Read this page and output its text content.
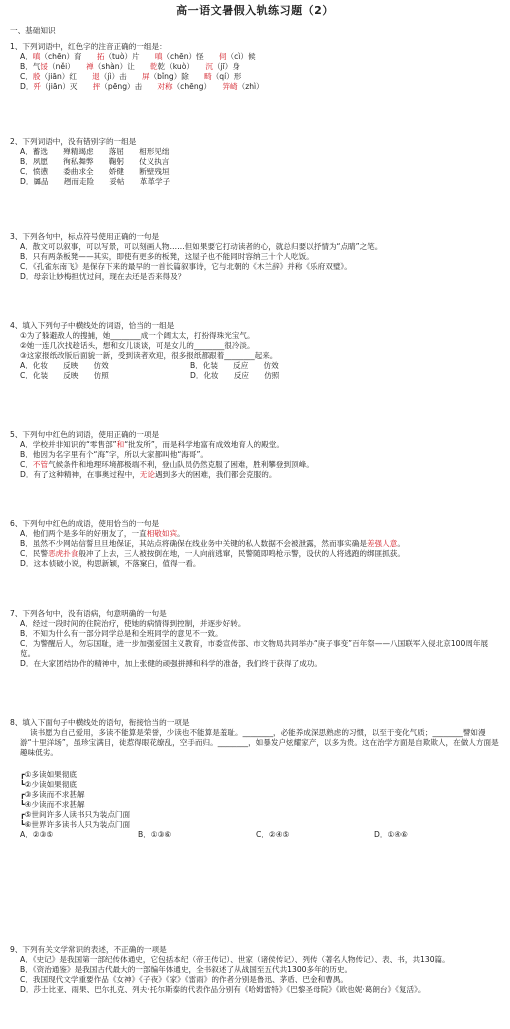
高一语文暑假入轨练习题（2）
一、基础知识
1、下列词语中，红色字的注音正确的一组是：
A．嗔（chēn）育　　拓（tuò）片　　嗔（chēn）怪　　伺（cì）候
B．气馁（něi）　　禅（shàn）让　　乾乾（kuò）　　沉（jī）身
C．殷（jiān）红　　退（jì）击　　屏（bǐng）除　　畸（qí）形
D．歼（jiān）灭　　抨（pēng）击　　对称（chēng）　　笄崎（zhì）
2、下列词语中，没有错别字的一组是
A．蓄选　　殚精竭虑　　落屈　　相形见绌
B．夙愿　　徇私舞弊　　鞠躬　　仗义执言
C．愤懑　　委曲求全　　娇健　　断壁残垣
D．羼品　　趔而走险　　妥帖　　革革学子
3、下列各句中，标点符号使用正确的一句是
A．散文可以叙事，可以写景，可以刻画人物……但如果要它打动读者的心，就总归要以抒情为“点睛”之笔。
B．只有两条板凳——其实，即使有更多的板凳，这屋子也不能同时容纳三十个人吃饭。
C．《孔雀东南飞》是保存下来的最早的一首长篇叙事诗，它与北朝的《木兰辞》并称《乐府双璧》。
D．母亲让妙梅担忧过问，现在去还是否来得及？
4、填入下列句子中横线处的词语，恰当的一组是
①为了躲避敌人的搜捕，她________成一个阔太太，打扮得珠光宝气。
②她一连几次找趁话头，想和女儿谈谈，可是女儿的________很冷淡。
③这家报纸改版后面貌一新，受到读者欢迎，很多报纸都跟着________起来。
A．化妆　　反映　　仿效	B．化装　　反应　　仿效
C．化装　　反映　　仿照	D．化妆　　反应　　仿照
5、下列句中红色的词语，使用正确的一项是
A．学校并非知识的“零售部”和“批发所”，而是科学地富有成效地育人的殿堂。
B．他因为名字里有个“海”字，所以大家都叫他“海哥”。
C．不管气候条件和地理环境都极端不利，登山队员仍然克服了困难，胜利攀登到顶峰。
D．有了这种精神，在事奥过程中，无论遇到多大的困难，我们都会克服的。
6、下列句中红色的成语，使用恰当的一句是
A．他们两个是多年的好朋友了，一直相敬如宾。
B．虽然不少网站信誓旦旦地保证，其站点将确保在线业务中关键的私人数据不会被泄露，然而事实确是差强人意。
C．民警恶虎扑食般冲了上去，三人被按倒在地，一人向前逃窜，民警随即鸣枪示警，设伏的人将逃跑的绑匪抓获。
D．这本侦破小说，构思新颖，不落窠臼，值得一看。
7、下列各句中，没有语病，句意明确的一句是
A．经过一段时间的住院治疗，使她的病情得到控制，并逐步好转。
B．不知为什么有一部分同学总是和全班同学的意见不一致。
C．为警醒后人，勿忘国耻，进一步加强爱国主义教育，市委宣传部、市文物局共同举办“庚子事变”百年祭——八国联军入侵北京100周年展览。
D．在大家团结协作的精神中，加上张健的顽强拼搏和科学的准备，我们终于获得了成功。
8、填入下面句子中横线处的语句，衔接恰当的一项是
读书愿为自己爱用，多读不能算是荣誉，少读也不能算是羞耻。________，必能养成深思熟虑的习惯，以至于变化气质；________譬如漫游“十里洋场”，虽珍宝满目，徒惹得眼花缭乱，空手而归。________，如暴发户炫耀家产，以多为贵。这在治学方面是自欺欺人，在做人方面是趣味低劣。
┏①多读如果彻底
┗②少读如果彻底
┏③多读而不求甚解
┗④少读而不求甚解
┏⑤世间许多人读书只为装点门面
┗⑥世界许多读书人只为装点门面
A．②③⑤	B．①③⑥	C．②④⑤	D．①④⑥
9、下列有关文学常识的表述，不正确的一项是
A．《史记》是我国第一部纪传体通史，它包括本纪（帝王传记）、世家（诸侯传记）、列传（著名人物传记）、表、书，共130篇。
B．《资治通鉴》是我国古代最大的一部编年体通史，全书叙述了从战国至五代共1300多年的历史。
C．我国现代文学重要作品《女神》《子夜》《家》《雷雨》的作者分别是鲁迅、茅盾、巴金和曹禺。
D．莎士比亚、雨果、巴尔扎克、列夫·托尔斯泰的代表作品分别有《哈姆雷特》《巴黎圣母院》《欧也妮·葛朗台》《复活》。
